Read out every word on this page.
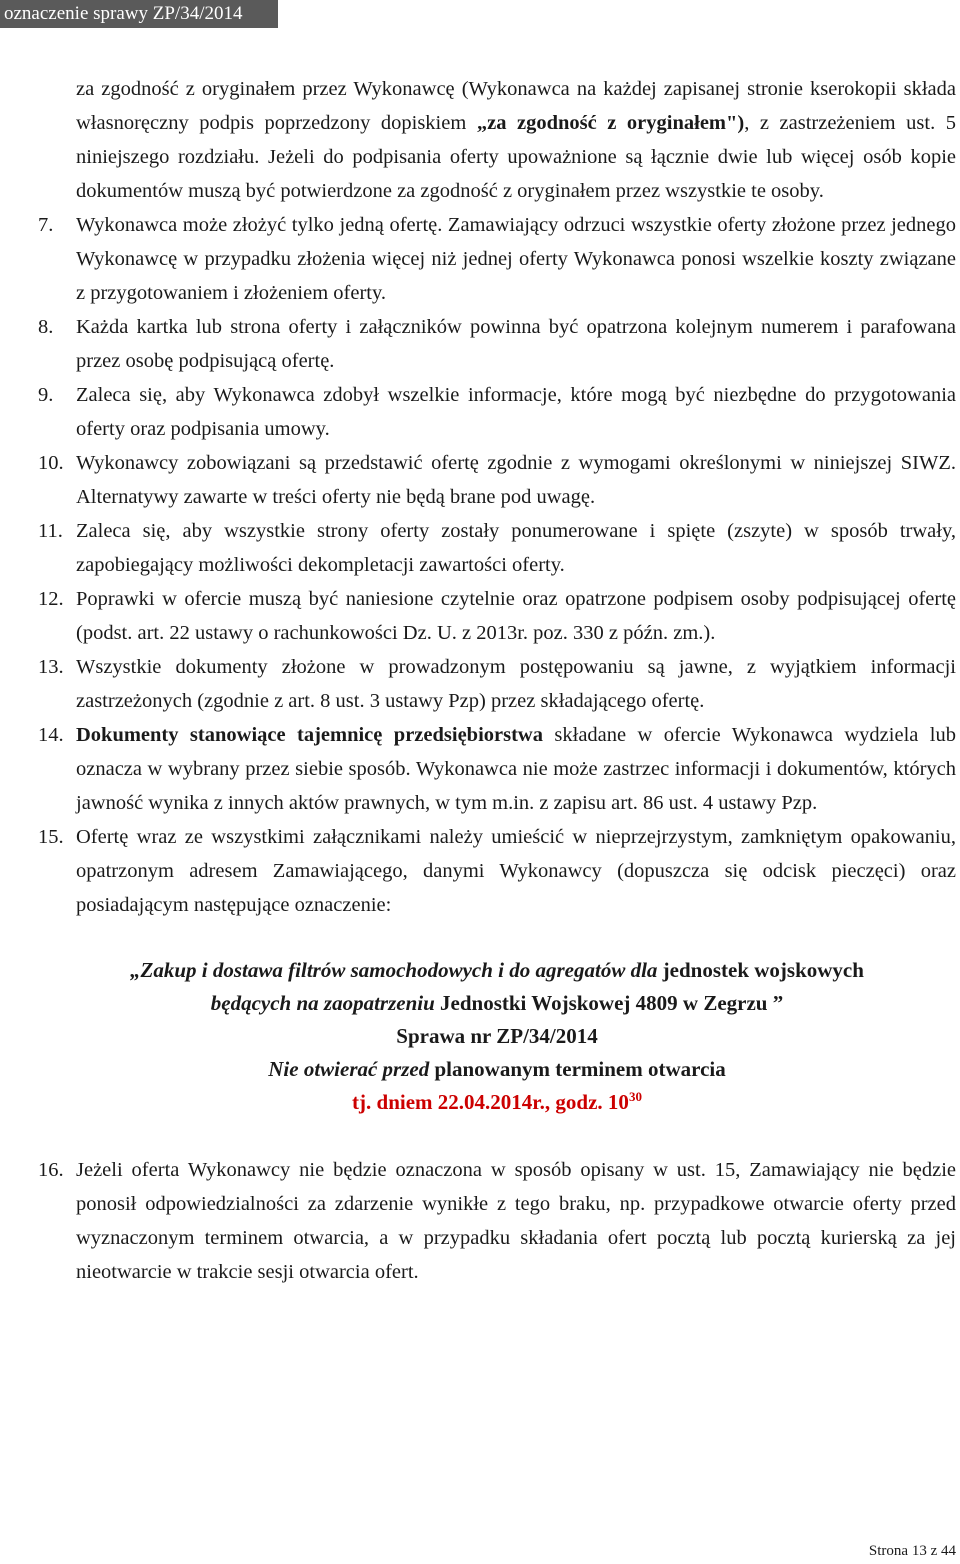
oznaczenie sprawy ZP/34/2014

za zgodność z oryginałem przez Wykonawcę (Wykonawca na każdej zapisanej stronie kserokopii składa własnoręczny podpis poprzedzony dopiskiem „za zgodność z oryginałem"), z zastrzeżeniem ust. 5 niniejszego rozdziału. Jeżeli do podpisania oferty upoważnione są łącznie dwie lub więcej osób kopie dokumentów muszą być potwierdzone za zgodność z oryginałem przez wszystkie te osoby.

7.	Wykonawca może złożyć tylko jedną ofertę. Zamawiający odrzuci wszystkie oferty złożone przez jednego Wykonawcę w przypadku złożenia więcej niż jednej oferty Wykonawca ponosi wszelkie koszty związane z przygotowaniem i złożeniem oferty.
8.	Każda kartka lub strona oferty i załączników powinna być opatrzona kolejnym numerem i parafowana przez osobę podpisującą ofertę.
9.	Zaleca się, aby Wykonawca zdobył wszelkie informacje, które mogą być niezbędne do przygotowania oferty oraz podpisania umowy.
10. Wykonawcy zobowiązani są przedstawić ofertę zgodnie z wymogami określonymi w niniejszej SIWZ. Alternatywy zawarte w treści oferty nie będą brane pod uwagę.
11. Zaleca się, aby wszystkie strony oferty zostały ponumerowane i spięte (zszyte) w sposób trwały, zapobiegający możliwości dekompletacji zawartości oferty.
12. Poprawki w ofercie muszą być naniesione czytelnie oraz opatrzone podpisem osoby podpisującej ofertę (podst. art. 22 ustawy o rachunkowości Dz. U. z 2013r. poz. 330 z późn. zm.).
13. Wszystkie dokumenty złożone w prowadzonym postępowaniu są jawne, z wyjątkiem informacji zastrzeżonych (zgodnie z art. 8 ust. 3 ustawy Pzp) przez składającego ofertę.
14. Dokumenty stanowiące tajemnicę przedsiębiorstwa składane w ofercie Wykonawca wydziela lub oznacza w wybrany przez siebie sposób. Wykonawca nie może zastrzec informacji i dokumentów, których jawność wynika z innych aktów prawnych, w tym m.in. z zapisu art. 86 ust. 4 ustawy Pzp.
15. Ofertę wraz ze wszystkimi załącznikami należy umieścić w nieprzejrzystym, zamkniętym opakowaniu, opatrzonym adresem Zamawiającego, danymi Wykonawcy (dopuszcza się odcisk pieczęci) oraz posiadającym następujące oznaczenie:
„Zakup i dostawa filtrów samochodowych i do agregatów dla jednostek wojskowych
będących na zaopatrzeniu Jednostki Wojskowej 4809 w Zegrzu ”
Sprawa nr ZP/34/2014
Nie otwierać przed planowanym terminem otwarcia
tj. dniem 22.04.2014r., godz. $10^{30}$
16. Jeżeli oferta Wykonawcy nie będzie oznaczona w sposób opisany w ust. 15, Zamawiający nie będzie ponosił odpowiedzialności za zdarzenie wynikłe z tego braku, np. przypadkowe otwarcie oferty przed wyznaczonym terminem otwarcia, a w przypadku składania ofert pocztą lub pocztą kurierską za jej nieotwarcie w trakcie sesji otwarcia ofert.
Strona 13 z 44
